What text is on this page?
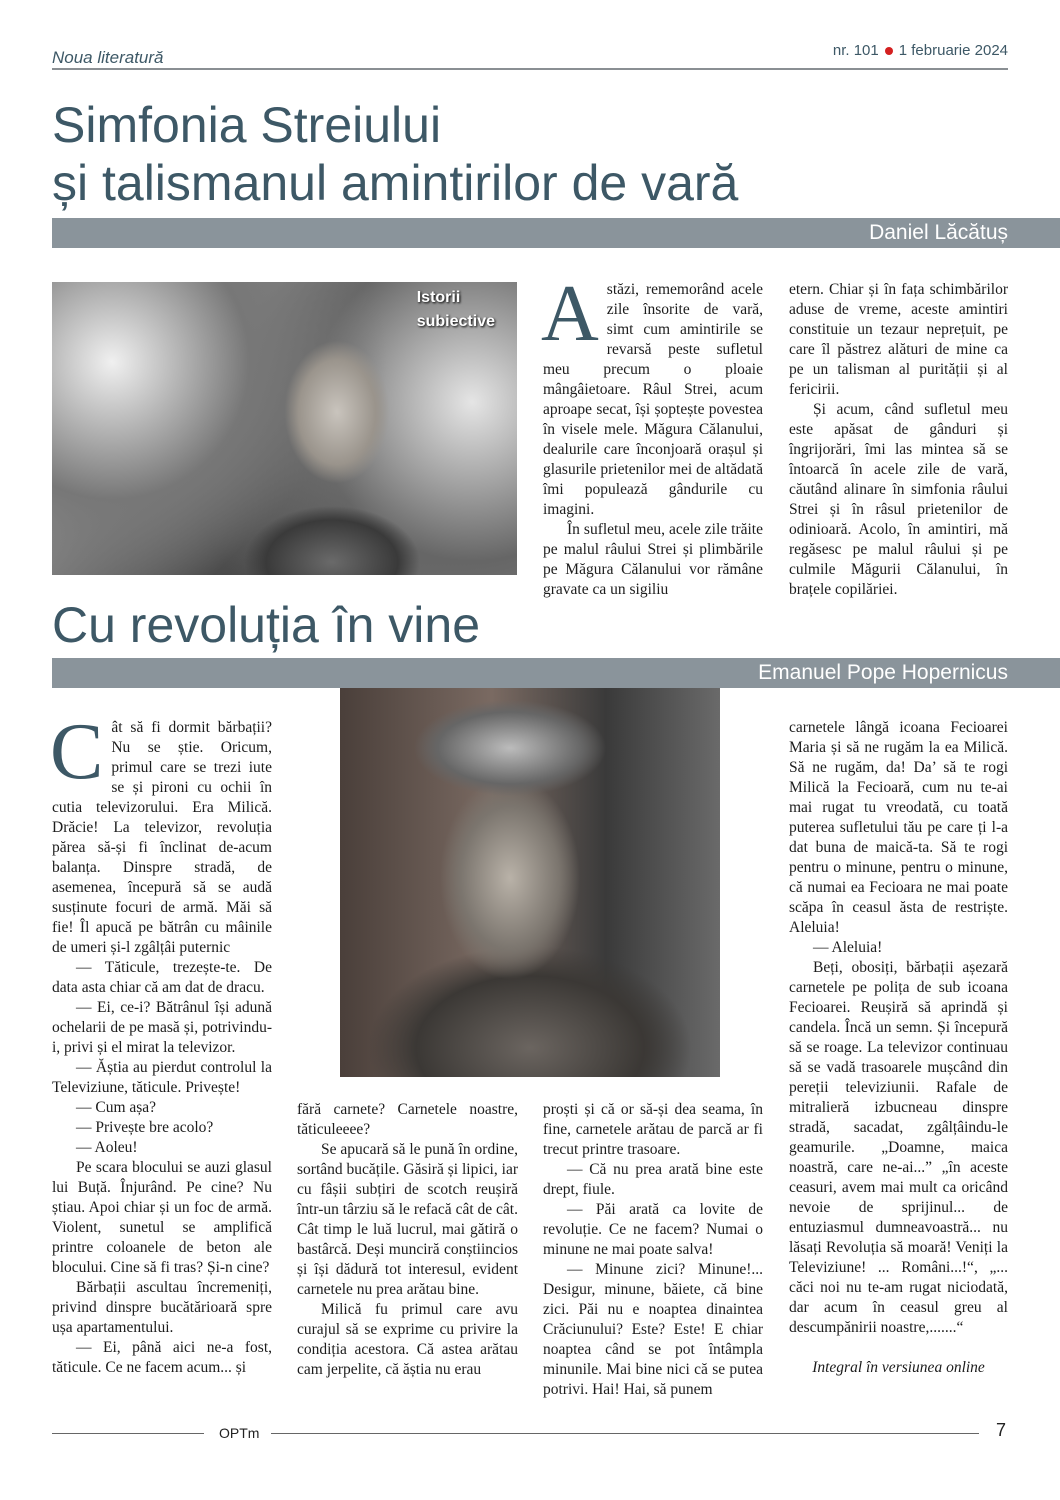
Noua literatură	nr. 101 1 februarie 2024
Simfonia Streiului
și talismanul amintirilor de vară
Daniel Lăcătuș
Istorii
subiective Astăzi, rememorând acele zile însorite de vară, simt cum amintirile se revarsă peste sufletul meu precum o ploaie mângâietoare. Râul Strei, acum aproape secat, își șoptește povestea în visele mele. Măgura Călanului, dealurile care înconjoară orașul și glasurile prietenilor mei de altădată îmi populează gândurile cu imagini.

În sufletul meu, acele zile trăite pe malul râului Strei și plimbările pe Măgura Călanului vor rămâne gravate ca un sigiliu

etern. Chiar și în fața schimbărilor aduse de vreme, aceste amintiri constituie un tezaur neprețuit, pe care îl păstrez alături de mine ca pe un talisman al purității și al fericirii.

Și acum, când sufletul meu este apăsat de gânduri și îngrijorări, îmi las mintea să se întoarcă în acele zile de vară, căutând alinare în simfonia râului Strei și în râsul prietenilor de odinioară. Acolo, în amintiri, mă regăsesc pe malul râului și pe culmile Măgurii Călanului, în brațele copilăriei.

Cu revoluția în vine
Emanuel Pope Hopernicus

Cât să fi dormit bărbații? Nu se știe. Oricum, primul care se trezi iute se și pironi cu ochii în cutia televizorului. Era Milică. Drăcie! La televizor, revoluția părea să-și fi înclinat de-acum balanța. Dinspre stradă, de asemenea, începură să se audă susținute focuri de armă. Măi să fie! Îl apucă pe bătrân cu mâinile de umeri și-l zgâlțâi puternic

— Tăticule, trezește-te. De data asta chiar că am dat de dracu.

— Ei, ce-i? Bătrânul își adună ochelarii de pe masă și, potrivindu-i, privi și el mirat la televizor.

— Ăștia au pierdut controlul la Televiziune, tăticule. Privește!

— Cum așa?

— Privește bre acolo?

— Aoleu!

Pe scara blocului se auzi glasul lui Buță. Înjurând. Pe cine? Nu știau. Apoi chiar și un foc de armă. Violent, sunetul se amplifică printre coloanele de beton ale blocului. Cine să fi tras? Și-n cine?

Bărbații ascultau încremeniți, privind dinspre bucătărioară spre ușa apartamentului.

— Ei, până aici ne-a fost, tăticule. Ce ne facem acum... și

fără carnete? Carnetele noastre, tăticuleeee?

Se apucară să le pună în ordine, sortând bucățile. Găsiră și lipici, iar cu fâșii subțiri de scotch reușiră într-un târziu să le refacă cât de cât. Cât timp le luă lucrul, mai gătiră o bastârcă. Deși munciră conștiincios și își dădură tot interesul, evident carnetele nu prea arătau bine.

Milică fu primul care avu curajul să se exprime cu privire la condiția acestora. Că astea arătau cam jerpelite, că ăștia nu erau

proști și că or să-și dea seama, în fine, carnetele arătau de parcă ar fi trecut printre trasoare.

— Că nu prea arată bine este drept, fiule.

— Păi arată ca lovite de revoluție. Ce ne facem? Numai o minune ne mai poate salva!

— Minune zici? Minune!... Desigur, minune, băiete, că bine zici. Păi nu e noaptea dinaintea Crăciunului? Este? Este! E chiar noaptea când se pot întâmpla minunile. Mai bine nici că se putea potrivi. Hai! Hai, să punem

carnetele lângă icoana Fecioarei Maria și să ne rugăm la ea Milică. Să ne rugăm, da! Da’ să te rogi Milică la Fecioară, cum nu te-ai mai rugat tu vreodată, cu toată puterea sufletului tău pe care ți l-a dat buna de maică-ta. Să te rogi pentru o minune, pentru o minune, că numai ea Fecioara ne mai poate scăpa în ceasul ăsta de restriște. Aleluia!

— Aleluia!

Beți, obosiți, bărbații așezară carnetele pe polița de sub icoana Fecioarei. Reușiră să aprindă și candela. Încă un semn. Și începură să se roage. La televizor continuau să se vadă trasoarele mușcând din pereții televiziunii. Rafale de mitralieră izbucneau dinspre stradă, sacadat, zgâlțâindu-le geamurile. „Doamne, maica noastră, care ne-ai...” „în aceste ceasuri, avem mai mult ca oricând nevoie de sprijinul... de entuziasmul dumneavoastră... nu lăsați Revoluția să moară! Veniți la Televiziune! ... Români...!“, „... căci noi nu te-am rugat niciodată, dar acum în ceasul greu al descumpănirii noastre,.......“

Integral în versiunea online

OPTm	7
